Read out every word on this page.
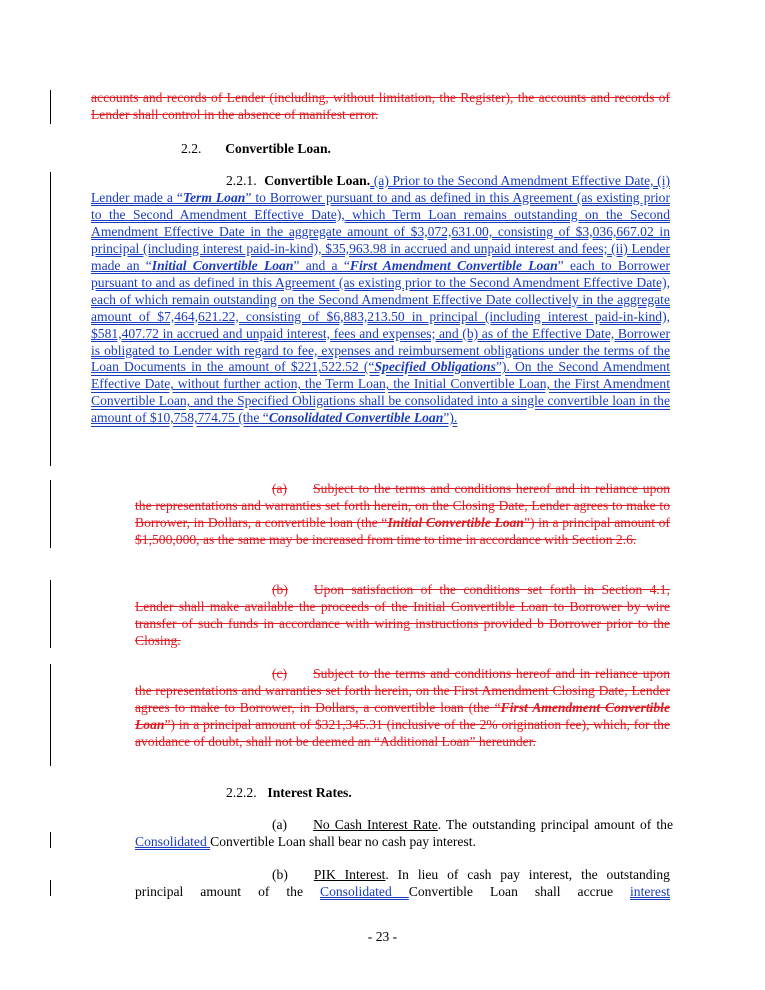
accounts and records of Lender (including, without limitation, the Register), the accounts and records of Lender shall control in the absence of manifest error.
2.2. Convertible Loan.
2.2.1. Convertible Loan. (a) Prior to the Second Amendment Effective Date, (i) Lender made a “Term Loan” to Borrower pursuant to and as defined in this Agreement (as existing prior to the Second Amendment Effective Date), which Term Loan remains outstanding on the Second Amendment Effective Date in the aggregate amount of $3,072,631.00, consisting of $3,036,667.02 in principal (including interest paid-in-kind), $35,963.98 in accrued and unpaid interest and fees; (ii) Lender made an “Initial Convertible Loan” and a “First Amendment Convertible Loan” each to Borrower pursuant to and as defined in this Agreement (as existing prior to the Second Amendment Effective Date), each of which remain outstanding on the Second Amendment Effective Date collectively in the aggregate amount of $7,464,621.22, consisting of $6,883,213.50 in principal (including interest paid-in-kind), $581,407.72 in accrued and unpaid interest, fees and expenses; and (b) as of the Effective Date, Borrower is obligated to Lender with regard to fee, expenses and reimbursement obligations under the terms of the Loan Documents in the amount of $221,522.52 (“Specified Obligations”). On the Second Amendment Effective Date, without further action, the Term Loan, the Initial Convertible Loan, the First Amendment Convertible Loan, and the Specified Obligations shall be consolidated into a single convertible loan in the amount of $10,758,774.75 (the “Consolidated Convertible Loan”).
(a) Subject to the terms and conditions hereof and in reliance upon the representations and warranties set forth herein, on the Closing Date, Lender agrees to make to Borrower, in Dollars, a convertible loan (the “Initial Convertible Loan”) in a principal amount of $1,500,000, as the same may be increased from time to time in accordance with Section 2.6.
(b) Upon satisfaction of the conditions set forth in Section 4.1, Lender shall make available the proceeds of the Initial Convertible Loan to Borrower by wire transfer of such funds in accordance with wiring instructions provided b Borrower prior to the Closing.
(c) Subject to the terms and conditions hereof and in reliance upon the representations and warranties set forth herein, on the First Amendment Closing Date, Lender agrees to make to Borrower, in Dollars, a convertible loan (the “First Amendment Convertible Loan”) in a principal amount of $321,345.31 (inclusive of the 2% origination fee), which, for the avoidance of doubt, shall not be deemed an “Additional Loan” hereunder.
2.2.2. Interest Rates.
(a) No Cash Interest Rate. The outstanding principal amount of the Consolidated Convertible Loan shall bear no cash pay interest.
(b) PIK Interest. In lieu of cash pay interest, the outstanding principal amount of the Consolidated Convertible Loan shall accrue interest
- 23 -
